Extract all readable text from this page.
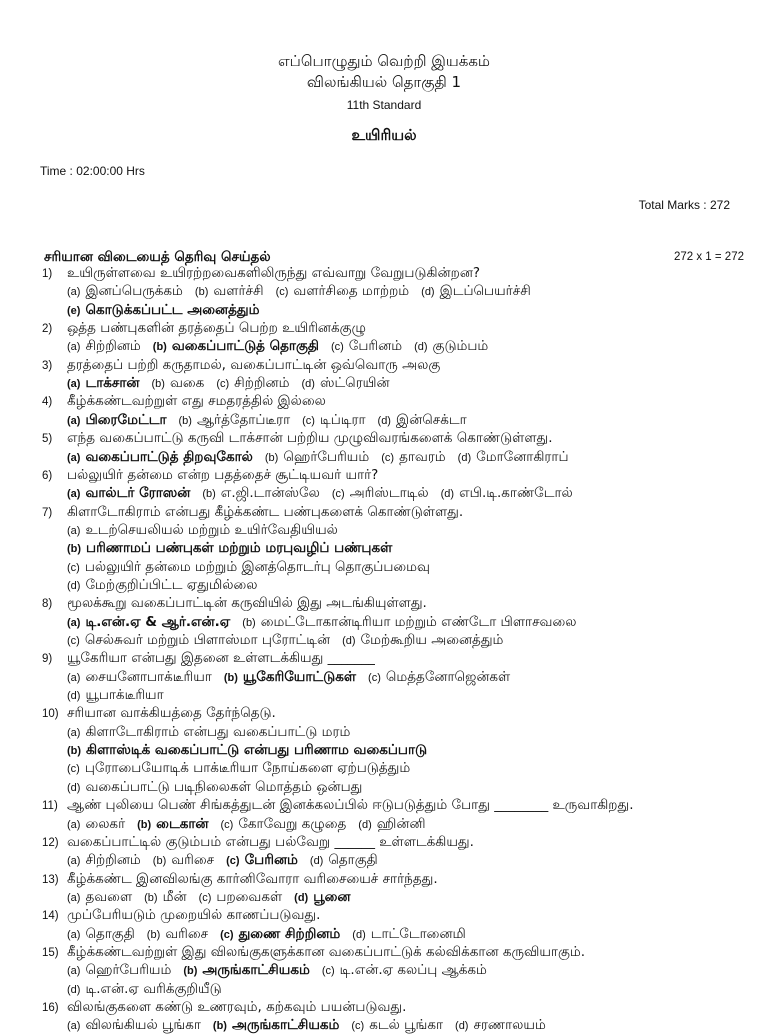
எப்பொழுதும் வெற்றி இயக்கம்
விலங்கியல் தொகுதி 1
11th Standard
உயிரியல்
Time : 02:00:00 Hrs
Total Marks : 272
சரியான விடையைத் தெரிவு செய்தல்	272 x 1 = 272
1) உயிருள்ளவை உயிரற்றவைகளிலிருந்து எவ்வாறு வேறுபடுகின்றன?
(a) இனப்பெருக்கம் (b) வளர்ச்சி (c) வளர்சிதை மாற்றம் (d) இடப்பெயர்ச்சி
(e) கொடுக்கப்பட்ட அனைத்தும்
2) ஒத்த பண்புகளின் தரத்தைப் பெற்ற உயிரினக்குழு
(a) சிற்றினம் (b) வகைப்பாட்டுத் தொகுதி (c) பேரினம் (d) குடும்பம்
3) தரத்தைப் பற்றி கருதாமல், வகைப்பாட்டின் ஒவ்வொரு அலகு
(a) டாக்சான் (b) வகை (c) சிற்றினம் (d) ஸ்ட்ரெயின்
4) கீழ்க்கண்டவற்றுள் எது சமதரத்தில் இல்லை
(a) பிரைமேட்டா (b) ஆர்த்தோப்டீரா (c) டிப்டிரா (d) இன்செக்டா
5) எந்த வகைப்பாட்டு கருவி டாக்சான் பற்றிய முழுவிவரங்களைக் கொண்டுள்ளது.
(a) வகைப்பாட்டுத் திறவுகோல் (b) ஹெர்பேரியம் (c) தாவரம் (d) மோனோகிராப்
6) பல்லுயிர் தன்மை என்ற பதத்தைச் சூட்டியவர் யார்?
(a) வால்டர் ரோஸன் (b) எ.ஜி.டான்ஸ்லே (c) அரிஸ்டாடில் (d) எபி.டி.காண்டோல்
7) கிளாடோகிராம் என்பது கீழ்க்கண்ட பண்புகளைக் கொண்டுள்ளது.
(a) உடற்செயலியல் மற்றும் உயிர்வேதியியல்
(b) பரிணாமப் பண்புகள் மற்றும் மரபுவழிப் பண்புகள்
(c) பல்லுயிர் தன்மை மற்றும் இனத்தொடர்பு தொகுப்பமைவு
(d) மேற்குறிப்பிட்ட ஏதுமில்லை
8) மூலக்கூறு வகைப்பாட்டின் கருவியில் இது அடங்கியுள்ளது.
(a) டி.என்.ஏ & ஆர்.என்.ஏ (b) மைட்டோகான்டிரியா மற்றும் எண்டோ பிளாசவலை
(c) செல்சுவர் மற்றும் பிளாஸ்மா புரோட்டின் (d) மேற்கூறிய அனைத்தும்
9) யூகேரியா என்பது இதனை உள்ளடக்கியது _______
(a) சையனோபாக்டீரியா (b) யூகேரியோட்டுகள் (c) மெத்தனோஜென்கள்
(d) யூபாக்டீரியா
10) சரியான வாக்கியத்தை தேர்ந்தெடு.
(a) கிளாடோகிராம் என்பது வகைப்பாட்டு மரம்
(b) கிளாஸ்டிக் வகைப்பாட்டு என்பது பரிணாம வகைப்பாடு
(c) புரோபையோடிக் பாக்டீரியா நோய்களை ஏற்படுத்தும்
(d) வகைப்பாட்டு படிநிலைகள் மொத்தம் ஒன்பது
11) ஆண் புலியை பெண் சிங்கத்துடன் இனக்கலப்பில் ஈடுபடுத்தும் போது ________ உருவாகிறது.
(a) லைகர் (b) டைகான் (c) கோவேறு கழுதை (d) ஹின்னி
12) வகைப்பாட்டில் குடும்பம் என்பது பல்வேறு ______ உள்ளடக்கியது.
(a) சிற்றினம் (b) வரிசை (c) பேரினம் (d) தொகுதி
13) கீழ்க்கண்ட இனவிலங்கு கார்னிவோரா வரிசையைச் சார்ந்தது.
(a) தவளை (b) மீன் (c) பறவைகள் (d) பூனை
14) முப்பேரியடும் முறையில் காணப்படுவது.
(a) தொகுதி (b) வரிசை (c) துணை சிற்றினம் (d) டாட்டோனைமி
15) கீழ்க்கண்டவற்றுள் இது விலங்குகளுக்கான வகைப்பாட்டுக் கல்விக்கான கருவியாகும்.
(a) ஹெர்பேரியம் (b) அருங்காட்சியகம் (c) டி.என்.ஏ கலப்பு ஆக்கம்
(d) டி.என்.ஏ வரிக்குறியீடு
16) விலங்குகளை கண்டு உணரவும், கற்கவும் பயன்படுவது.
(a) விலங்கியல் பூங்கா (b) அருங்காட்சியகம் (c) கடல் பூங்கா (d) சரணாலயம்
